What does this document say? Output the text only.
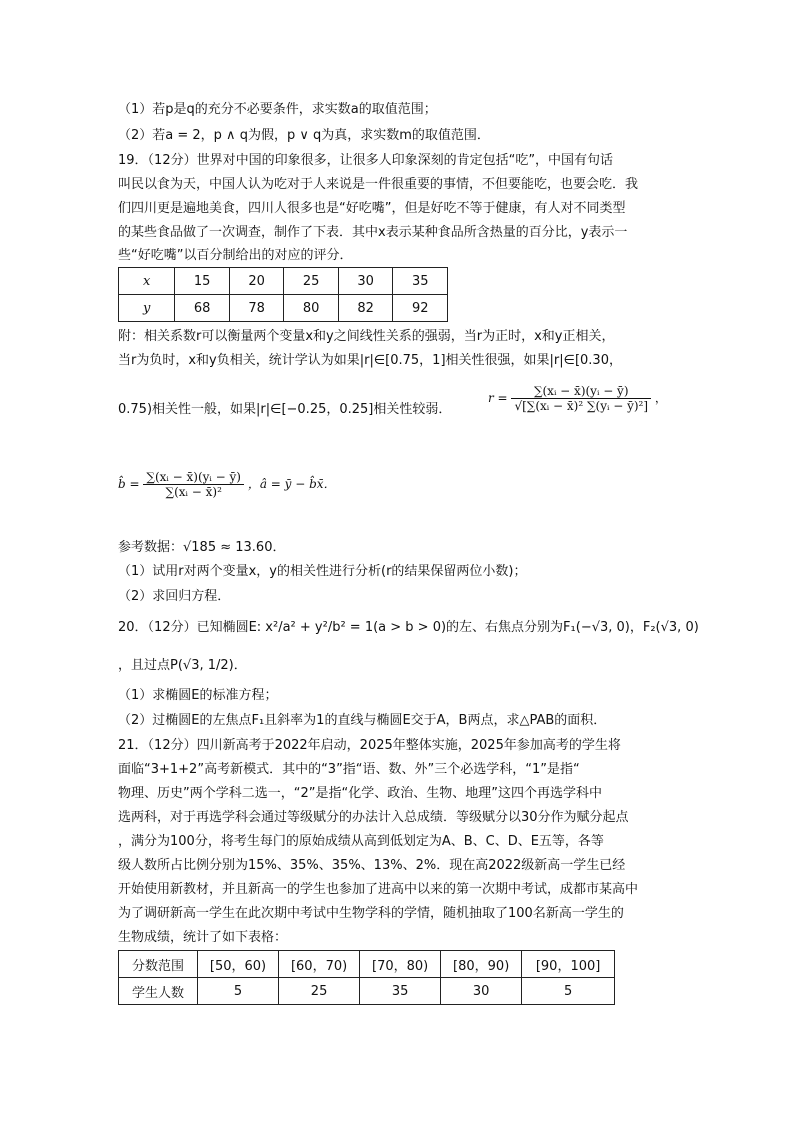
（1）若p是q的充分不必要条件，求实数a的取值范围；
（2）若a = 2，p ∧ q为假，p ∨ q为真，求实数m的取值范围．
19．（12分）世界对中国的印象很多，让很多人印象深刻的肯定包括“吃”，中国有句话
叫民以食为天，中国人认为吃对于人来说是一件很重要的事情，不但要能吃，也要会吃．我
们四川更是遍地美食，四川人很多也是“好吃嘴”，但是好吃不等于健康，有人对不同类型
的某些食品做了一次调查，制作了下表．其中x表示某种食品所含热量的百分比，y表示一
些“好吃嘴”以百分制给出的对应的评分．
x	15	20	25	30	35
y	68	78	80	82	92
附：相关系数r可以衡量两个变量x和y之间线性关系的强弱，当r为正时，x和y正相关，
当r为负时，x和y负相关，统计学认为如果|r|∈[0.75，1]相关性很强，如果|r|∈[0.30，
0.75)相关性一般，如果|r|∈[−0.25，0.25]相关性较弱．
$r = \frac{\text{∑(xᵢ − x̄)(yᵢ − ȳ)}}{\text{√[∑(xᵢ − x̄)² ∑(yᵢ − ȳ)²]}}$ ，
b̂ = $\frac{\text{∑(xᵢ − x̄)(yᵢ − ȳ)}}{\text{∑(xᵢ − x̄)²}}$ ，â = ȳ − b̂x̄．
参考数据：√185 ≈ 13.60．
（1）试用r对两个变量x，y的相关性进行分析(r的结果保留两位小数)；
（2）求回归方程．
20．（12分）已知椭圆E: x²/a² + y²/b² = 1(a > b > 0)的左、右焦点分别为F₁(−√3, 0)，F₂(√3, 0)
，且过点P(√3, 1/2)．
（1）求椭圆E的标准方程；
（2）过椭圆E的左焦点F₁且斜率为1的直线与椭圆E交于A，B两点，求△PAB的面积．
21．（12分）四川新高考于2022年启动，2025年整体实施，2025年参加高考的学生将
面临“3+1+2”高考新模式．其中的“3”指“语、数、外”三个必选学科，“1”是指“
物理、历史”两个学科二选一，“2”是指“化学、政治、生物、地理”这四个再选学科中
选两科，对于再选学科会通过等级赋分的办法计入总成绩．等级赋分以30分作为赋分起点
，满分为100分，将考生每门的原始成绩从高到低划定为A、B、C、D、E五等，各等
级人数所占比例分别为15%、35%、35%、13%、2%．现在高2022级新高一学生已经
开始使用新教材，并且新高一的学生也参加了进高中以来的第一次期中考试，成都市某高中
为了调研新高一学生在此次期中考试中生物学科的学情，随机抽取了100名新高一学生的
生物成绩，统计了如下表格：
分数范围	[50，60)	[60，70)	[70，80)	[80，90)	[90，100]
学生人数	5	25	35	30	5
